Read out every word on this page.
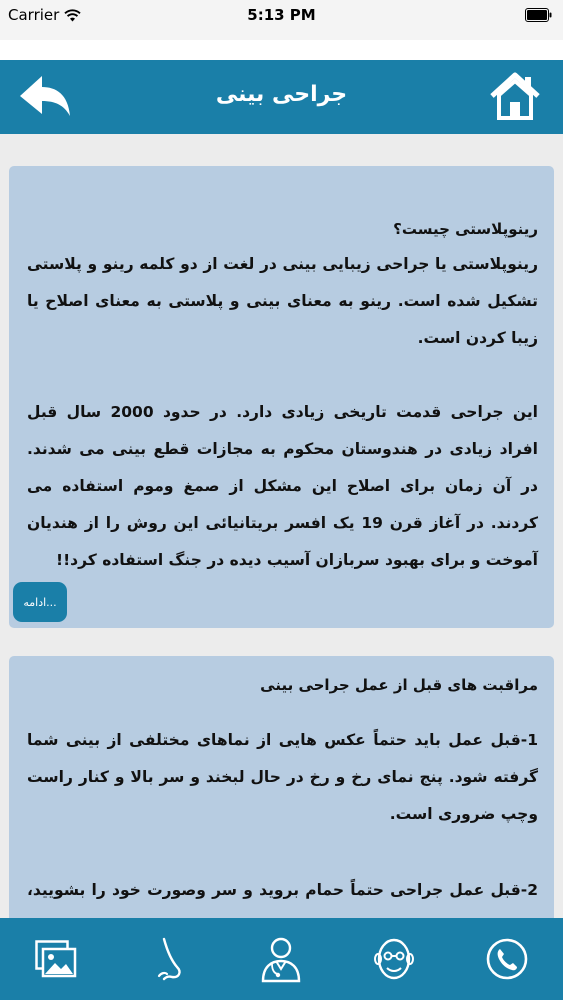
Carrier	5:13 PM
جراحی بینی
رینوپلاستی چیست؟
رینوپلاستی یا جراحی زیبایی بینی در لغت از دو کلمه رینو و پلاستی تشکیل شده است. رینو به معنای بینی و پلاستی به معنای اصلاح یا زیبا کردن است.
این جراحی قدمت تاریخی زیادی دارد. در حدود 2000 سال قبل افراد زیادی در هندوستان محکوم به مجازات قطع بینی می شدند. در آن زمان برای اصلاح این مشکل از صمغ وموم استفاده می کردند. در آغاز قرن 19 یک افسر بریتانیائی این روش را از هندیان آموخت و برای بهبود سربازان آسیب دیده در جنگ استفاده کرد!!
ادامه...
مراقبت های قبل از عمل جراحی بینی
1-قبل عمل باید حتماً عکس هایی از نماهای مختلفی از بینی شما گرفته شود. پنج نمای رخ و رخ در حال لبخند و سر بالا و کنار راست وچپ ضروری است.
2-قبل عمل جراحی حتماً حمام بروید و سر وصورت خود را بشویید،
